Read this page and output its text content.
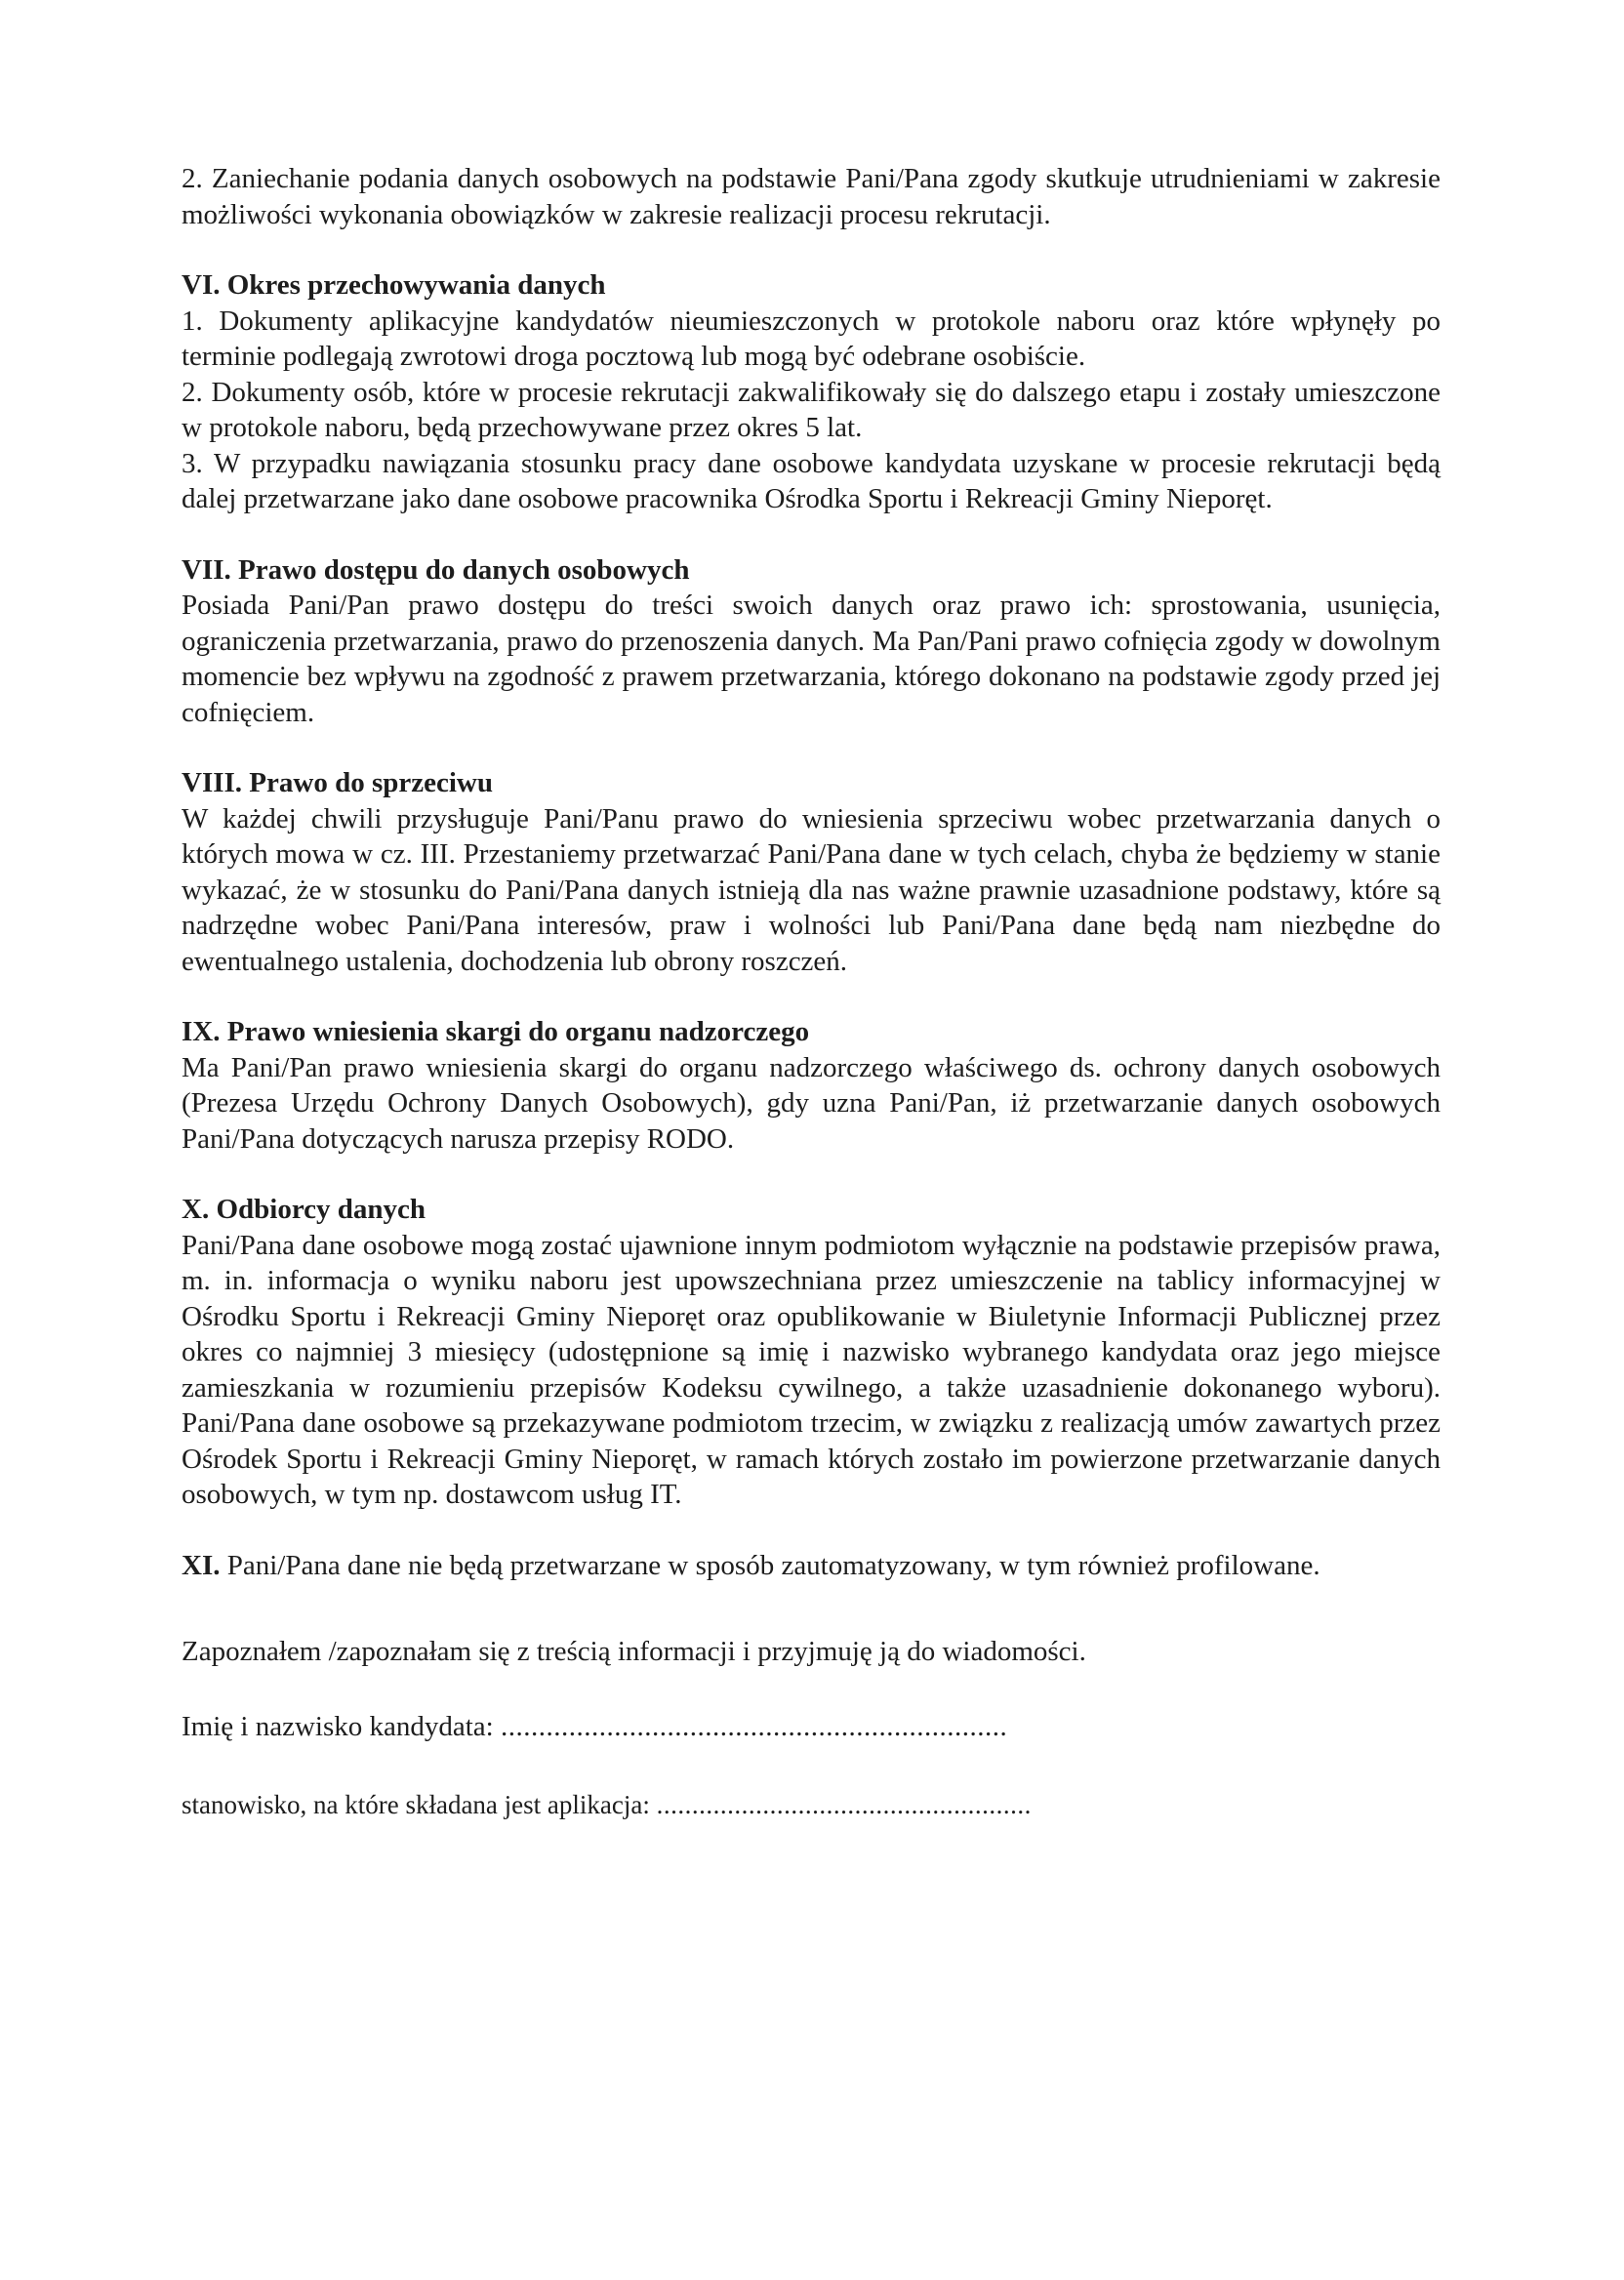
2. Zaniechanie podania danych osobowych na podstawie Pani/Pana zgody skutkuje utrudnieniami w zakresie możliwości wykonania obowiązków w zakresie realizacji procesu rekrutacji.

VI. Okres przechowywania danych

1. Dokumenty aplikacyjne kandydatów nieumieszczonych w protokole naboru oraz które wpłynęły po terminie podlegają zwrotowi droga pocztową lub mogą być odebrane osobiście.

2. Dokumenty osób, które w procesie rekrutacji zakwalifikowały się do dalszego etapu i zostały umieszczone w protokole naboru, będą przechowywane przez okres 5 lat.

3. W przypadku nawiązania stosunku pracy dane osobowe kandydata uzyskane w procesie rekrutacji będą dalej przetwarzane jako dane osobowe pracownika Ośrodka Sportu i Rekreacji Gminy Nieporęt.

VII. Prawo dostępu do danych osobowych

Posiada Pani/Pan prawo dostępu do treści swoich danych oraz prawo ich: sprostowania, usunięcia, ograniczenia przetwarzania, prawo do przenoszenia danych. Ma Pan/Pani prawo cofnięcia zgody w dowolnym momencie bez wpływu na zgodność z prawem przetwarzania, którego dokonano na podstawie zgody przed jej cofnięciem.

VIII. Prawo do sprzeciwu

W każdej chwili przysługuje Pani/Panu prawo do wniesienia sprzeciwu wobec przetwarzania danych o których mowa w cz. III. Przestaniemy przetwarzać Pani/Pana dane w tych celach, chyba że będziemy w stanie wykazać, że w stosunku do Pani/Pana danych istnieją dla nas ważne prawnie uzasadnione podstawy, które są nadrzędne wobec Pani/Pana interesów, praw i wolności lub Pani/Pana dane będą nam niezbędne do ewentualnego ustalenia, dochodzenia lub obrony roszczeń.

IX. Prawo wniesienia skargi do organu nadzorczego

Ma Pani/Pan prawo wniesienia skargi do organu nadzorczego właściwego ds. ochrony danych osobowych (Prezesa Urzędu Ochrony Danych Osobowych), gdy uzna Pani/Pan, iż przetwarzanie danych osobowych Pani/Pana dotyczących narusza przepisy RODO.

X. Odbiorcy danych

Pani/Pana dane osobowe mogą zostać ujawnione innym podmiotom wyłącznie na podstawie przepisów prawa, m. in. informacja o wyniku naboru jest upowszechniana przez umieszczenie na tablicy informacyjnej w Ośrodku Sportu i Rekreacji Gminy Nieporęt oraz opublikowanie w Biuletynie Informacji Publicznej przez okres co najmniej 3 miesięcy (udostępnione są imię i nazwisko wybranego kandydata oraz jego miejsce zamieszkania w rozumieniu przepisów Kodeksu cywilnego, a także uzasadnienie dokonanego wyboru). Pani/Pana dane osobowe są przekazywane podmiotom trzecim, w związku z realizacją umów zawartych przez Ośrodek Sportu i Rekreacji Gminy Nieporęt, w ramach których zostało im powierzone przetwarzanie danych osobowych, w tym np. dostawcom usług IT.

XI. Pani/Pana dane nie będą przetwarzane w sposób zautomatyzowany, w tym również profilowane.

Zapoznałem /zapoznałam się z treścią informacji i przyjmuję ją do wiadomości.

Imię i nazwisko kandydata: ...................................................................
stanowisko, na które składana jest aplikacja: .....................................................
